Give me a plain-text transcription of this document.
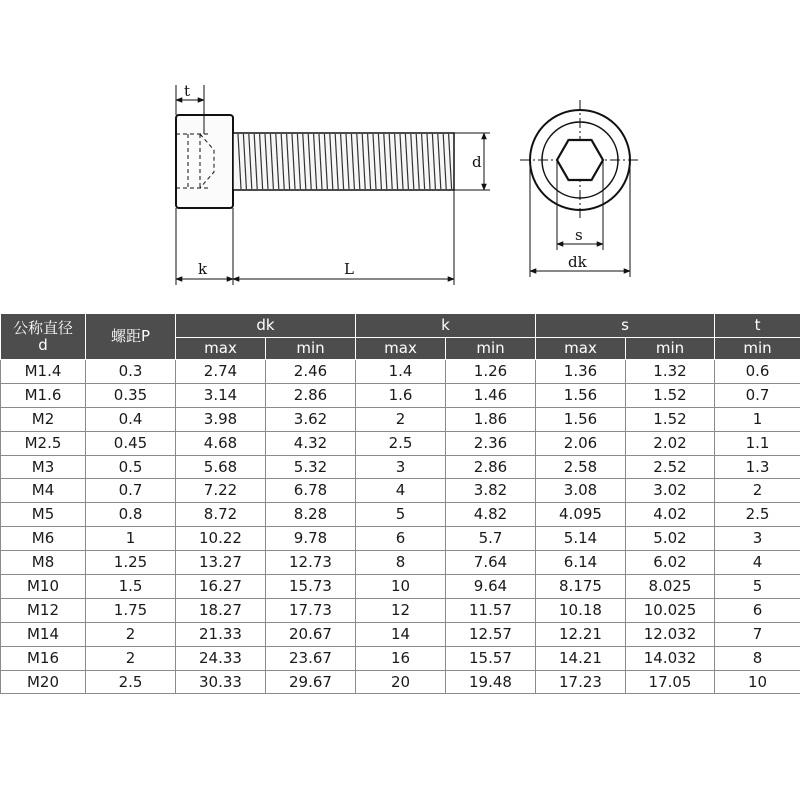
t
d
k	L
s
dk
公称直径
d	螺距P	dk		k		s		t
		max	min	max	min	max	min	min
M1.4	0.3	2.74	2.46	1.4	1.26	1.36	1.32	0.6
M1.6	0.35	3.14	2.86	1.6	1.46	1.56	1.52	0.7
M2	0.4	3.98	3.62	2	1.86	1.56	1.52	1
M2.5	0.45	4.68	4.32	2.5	2.36	2.06	2.02	1.1
M3	0.5	5.68	5.32	3	2.86	2.58	2.52	1.3
M4	0.7	7.22	6.78	4	3.82	3.08	3.02	2
M5	0.8	8.72	8.28	5	4.82	4.095	4.02	2.5
M6	1	10.22	9.78	6	5.7	5.14	5.02	3
M8	1.25	13.27	12.73	8	7.64	6.14	6.02	4
M10	1.5	16.27	15.73	10	9.64	8.175	8.025	5
M12	1.75	18.27	17.73	12	11.57	10.18	10.025	6
M14	2	21.33	20.67	14	12.57	12.21	12.032	7
M16	2	24.33	23.67	16	15.57	14.21	14.032	8
M20	2.5	30.33	29.67	20	19.48	17.23	17.05	10
